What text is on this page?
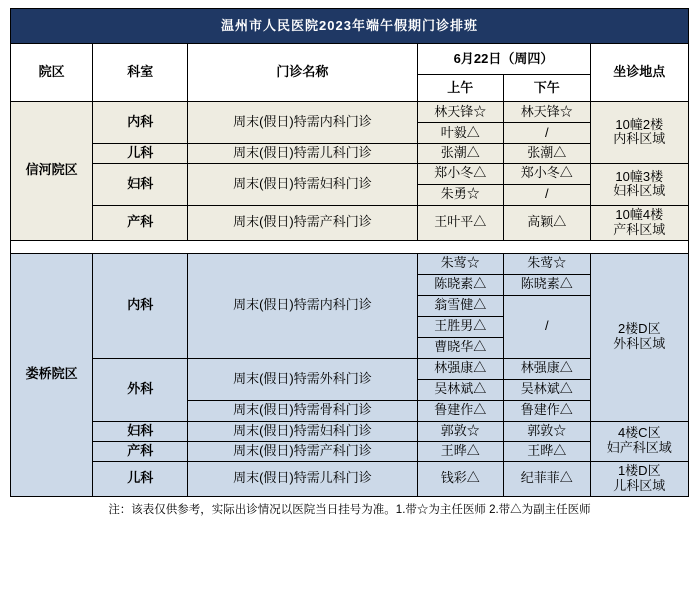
温州市人民医院2023年端午假期门诊排班					
院区	科室	门诊名称	6月22日（周四）		坐诊地点
			上午	下午	
信河院区	内科	周末(假日)特需内科门诊	林天锋☆	林天锋☆	10幢2楼
内科区域
			叶毅△	/	
	儿科	周末(假日)特需儿科门诊	张潮△	张潮△	
	妇科	周末(假日)特需妇科门诊	郑小冬△	郑小冬△	10幢3楼
妇科区域
			朱勇☆	/	
	产科	周末(假日)特需产科门诊	王叶平△	高颖△	10幢4楼
产科区域

娄桥院区	内科	周末(假日)特需内科门诊	朱莺☆	朱莺☆	2楼D区
外科区域
			陈晓素△	陈晓素△	
			翁雪健△	/	
			王胜男△		
			曹晓华△		
	外科	周末(假日)特需外科门诊	林强康△	林强康△	
			吴林斌△	吴林斌△	
		周末(假日)特需骨科门诊	鲁建作△	鲁建作△	
	妇科	周末(假日)特需妇科门诊	郭敦☆	郭敦☆	4楼C区
妇产科区域
	产科	周末(假日)特需产科门诊	王晔△	王晔△	
	儿科	周末(假日)特需儿科门诊	钱彩△	纪菲菲△	1楼D区
儿科区域
注：该表仅供参考，实际出诊情况以医院当日挂号为准。1.带☆为主任医师 2.带△为副主任医师
